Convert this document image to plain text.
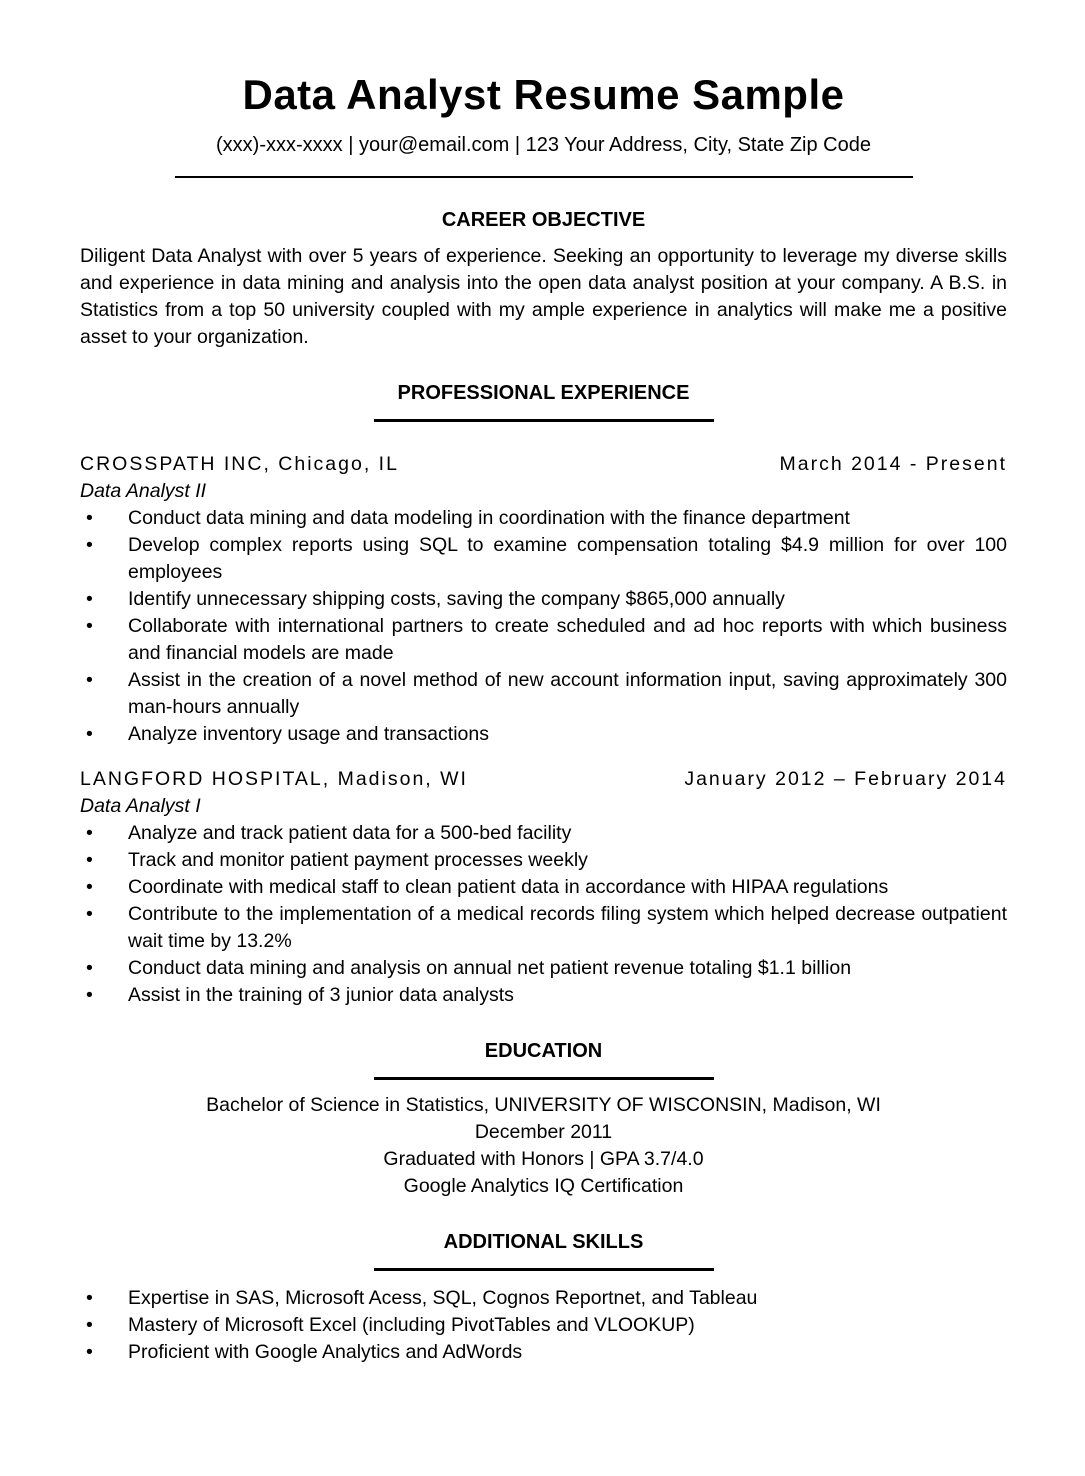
Data Analyst Resume Sample
(xxx)-xxx-xxxx | your@email.com | 123 Your Address, City, State Zip Code
CAREER OBJECTIVE
Diligent Data Analyst with over 5 years of experience. Seeking an opportunity to leverage my diverse skills and experience in data mining and analysis into the open data analyst position at your company. A B.S. in Statistics from a top 50 university coupled with my ample experience in analytics will make me a positive asset to your organization.
PROFESSIONAL EXPERIENCE
CROSSPATH INC, Chicago, IL	March 2014 - Present
Data Analyst II
• Conduct data mining and data modeling in coordination with the finance department
• Develop complex reports using SQL to examine compensation totaling $4.9 million for over 100 employees
• Identify unnecessary shipping costs, saving the company $865,000 annually
• Collaborate with international partners to create scheduled and ad hoc reports with which business and financial models are made
• Assist in the creation of a novel method of new account information input, saving approximately 300 man-hours annually
• Analyze inventory usage and transactions
LANGFORD HOSPITAL, Madison, WI	January 2012 – February 2014
Data Analyst I
• Analyze and track patient data for a 500-bed facility
• Track and monitor patient payment processes weekly
• Coordinate with medical staff to clean patient data in accordance with HIPAA regulations
• Contribute to the implementation of a medical records filing system which helped decrease outpatient wait time by 13.2%
• Conduct data mining and analysis on annual net patient revenue totaling $1.1 billion
• Assist in the training of 3 junior data analysts
EDUCATION
Bachelor of Science in Statistics, UNIVERSITY OF WISCONSIN, Madison, WI
December 2011
Graduated with Honors | GPA 3.7/4.0
Google Analytics IQ Certification
ADDITIONAL SKILLS
• Expertise in SAS, Microsoft Acess, SQL, Cognos Reportnet, and Tableau
• Mastery of Microsoft Excel (including PivotTables and VLOOKUP)
• Proficient with Google Analytics and AdWords
